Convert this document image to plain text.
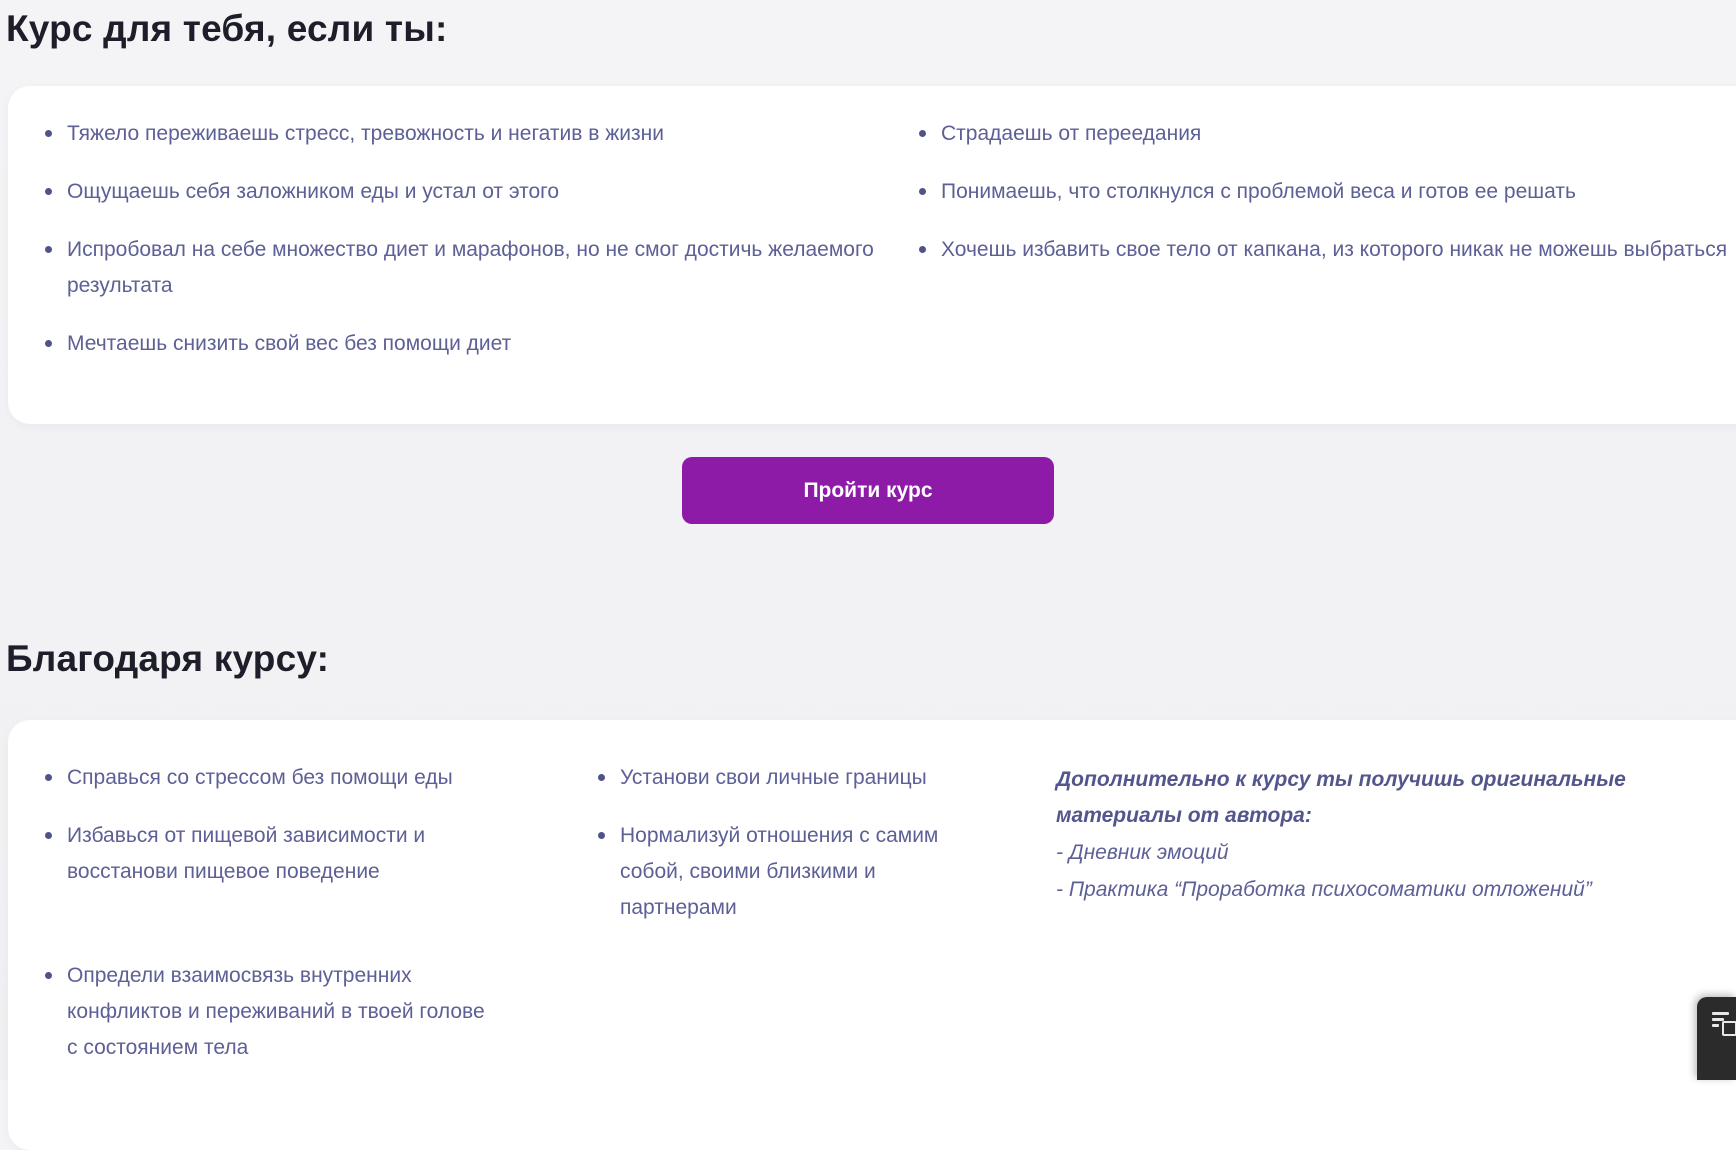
Курс для тебя, если ты:
Тяжело переживаешь стресс, тревожность и негатив в жизни
Ощущаешь себя заложником еды и устал от этого
Испробовал на себе множество диет и марафонов, но не смог достичь желаемого результата
Мечтаешь снизить свой вес без помощи диет
Страдаешь от переедания
Понимаешь, что столкнулся с проблемой веса и готов ее решать
Хочешь избавить свое тело от капкана, из которого никак не можешь выбраться
Пройти курс
Благодаря курсу:
Справься со стрессом без помощи еды
Избавься от пищевой зависимости и восстанови пищевое поведение
Определи взаимосвязь внутренних конфликтов и переживаний в твоей голове с состоянием тела
Установи свои личные границы
Нормализуй отношения с самим собой, своими близкими и партнерами

Дополнительно к курсу ты получишь оригинальные материалы от автора:

- Дневник эмоций

- Практика “Проработка психосоматики отложений”
